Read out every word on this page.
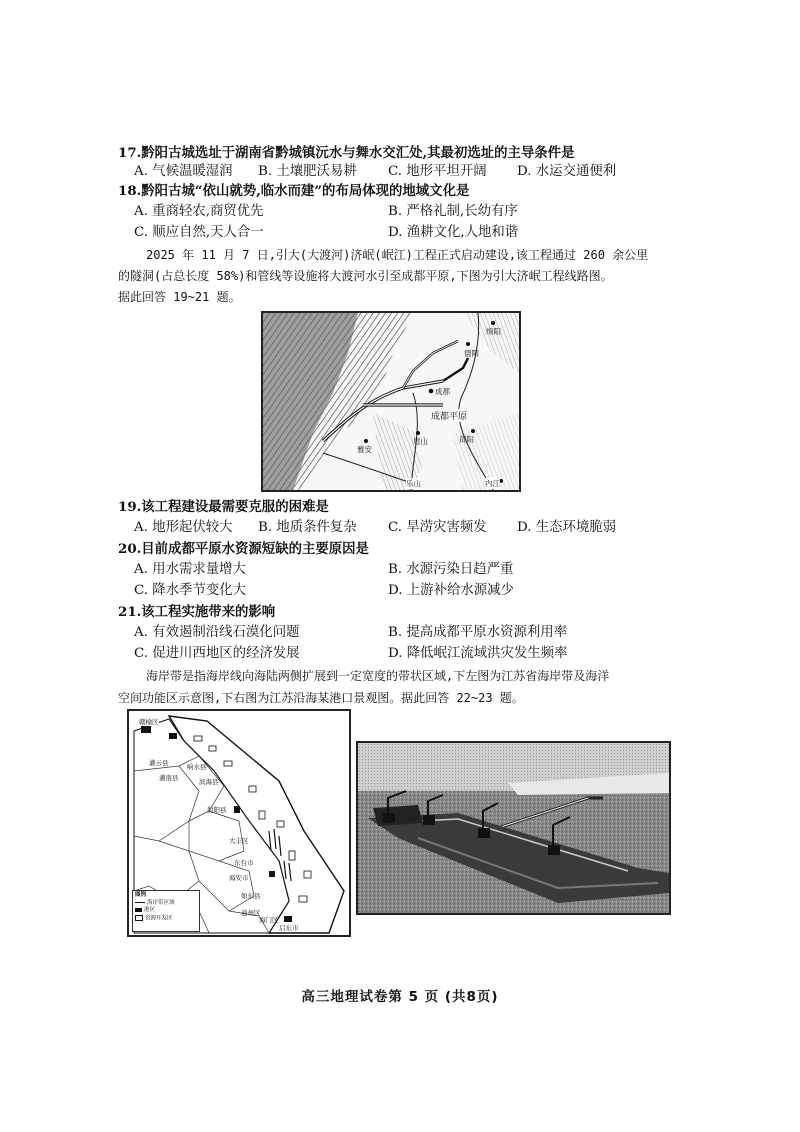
17.黔阳古城选址于湖南省黔城镇沅水与舞水交汇处,其最初选址的主导条件是
A. 气候温暖湿润 B. 土壤肥沃易耕 C. 地形平坦开阔 D. 水运交通便利
18.黔阳古城“依山就势,临水而建”的布局体现的地域文化是
A. 重商轻农,商贸优先	B. 严格礼制,长幼有序
C. 顺应自然,天人合一	D. 渔耕文化,人地和谐
2025 年 11 月 7 日,引大(大渡河)济岷(岷江)工程正式启动建设,该工程通过 260 余公里
的隧洞(占总长度 58%)和管线等设施将大渡河水引至成都平原,下图为引大济岷工程线路图。
据此回答 19~21 题。
绵阳
德阳
成都
成都平原
雅安
眉山	资阳
乐山	内江
19.该工程建设最需要克服的困难是
A. 地形起伏较大 B. 地质条件复杂 C. 旱涝灾害频发 D. 生态环境脆弱
20.目前成都平原水资源短缺的主要原因是
A. 用水需求量增大	B. 水源污染日趋严重
C. 降水季节变化大	D. 上游补给水源减少
21.该工程实施带来的影响
A. 有效遏制沿线石漠化问题	B. 提高成都平原水资源利用率
C. 促进川西地区的经济发展	D. 降低岷江流域洪灾发生频率
海岸带是指海岸线向海陆两侧扩展到一定宽度的带状区域,下左图为江苏省海岸带及海洋
空间功能区示意图,下右图为江苏沿海某港口景观图。据此回答 22~23 题。
赣榆区
灌云县
灌南县
响水县
滨海县
射阳县
大丰区
东台市
海安市
如东县
通州区
海门区
启东市
图例
海岸带区域
港区
资源开发区
高三地理试卷第 5 页 (共8页)
